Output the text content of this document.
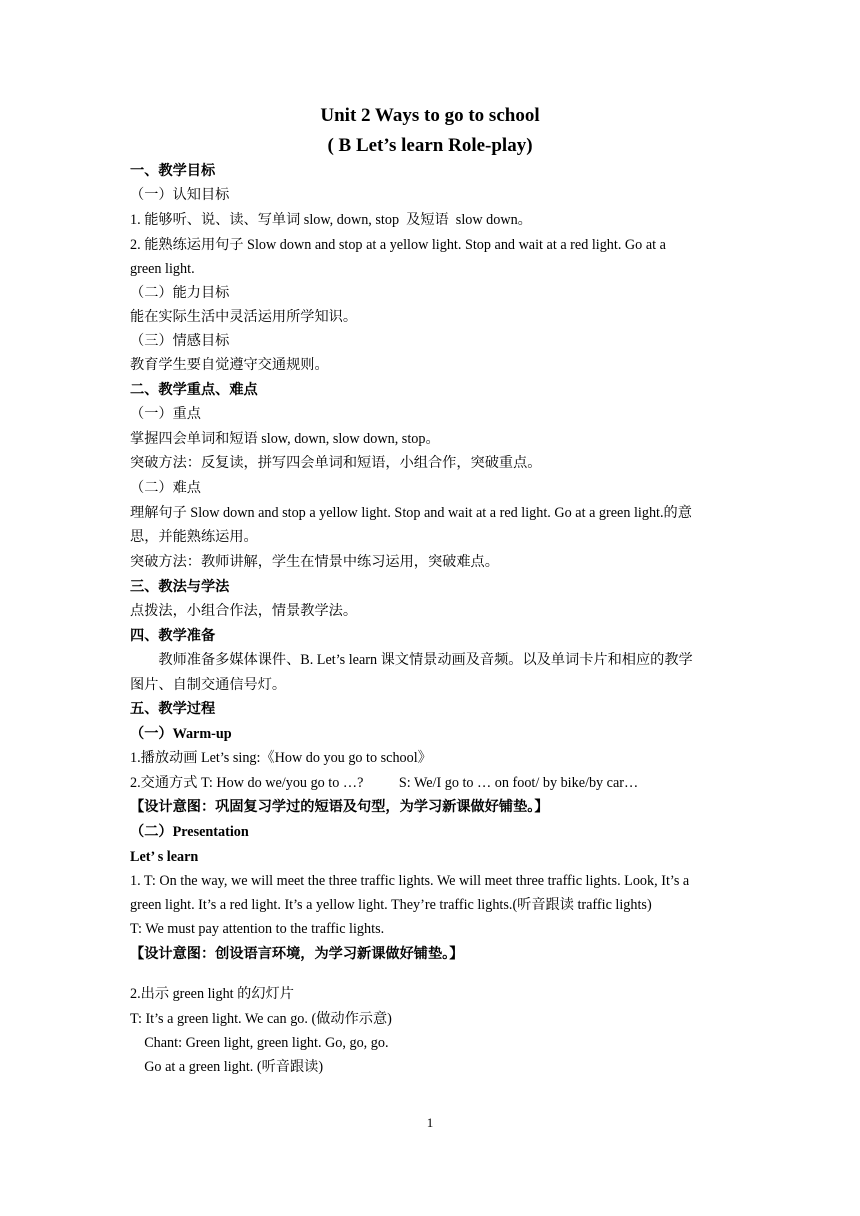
Unit 2 Ways to go to school
( B Let’s learn Role-play)
一、教学目标
（一）认知目标
1. 能够听、说、读、写单词 slow, down, stop  及短语  slow down。
2. 能熟练运用句子 Slow down and stop at a yellow light. Stop and wait at a red light. Go at a
green light.
（二）能力目标
能在实际生活中灵活运用所学知识。
（三）情感目标
教育学生要自觉遵守交通规则。
二、教学重点、难点
（一）重点
掌握四会单词和短语 slow, down, slow down, stop。
突破方法：反复读，拼写四会单词和短语，小组合作，突破重点。
（二）难点
理解句子 Slow down and stop a yellow light. Stop and wait at a red light. Go at a green light.的意
思，并能熟练运用。
突破方法：教师讲解，学生在情景中练习运用，突破难点。
三、教法与学法
点拨法，小组合作法，情景教学法。
四、教学准备
教师准备多媒体课件、B. Let’s learn 课文情景动画及音频。以及单词卡片和相应的教学
图片、自制交通信号灯。
五、教学过程
（一）Warm-up
1.播放动画 Let’s sing:《How do you go to school》
2.交通方式 T: How do we/you go to …?          S: We/I go to … on foot/ by bike/by car…
【设计意图：巩固复习学过的短语及句型，为学习新课做好铺垫。】
（二）Presentation
Let’ s learn
1. T: On the way, we will meet the three traffic lights. We will meet three traffic lights. Look, It’s a
green light. It’s a red light. It’s a yellow light. They’re traffic lights.(听音跟读 traffic lights)
T: We must pay attention to the traffic lights.
【设计意图：创设语言环境，为学习新课做好铺垫。】
2.出示 green light 的幻灯片
T: It’s a green light. We can go. (做动作示意)
Chant: Green light, green light. Go, go, go.
Go at a green light. (听音跟读)
1
